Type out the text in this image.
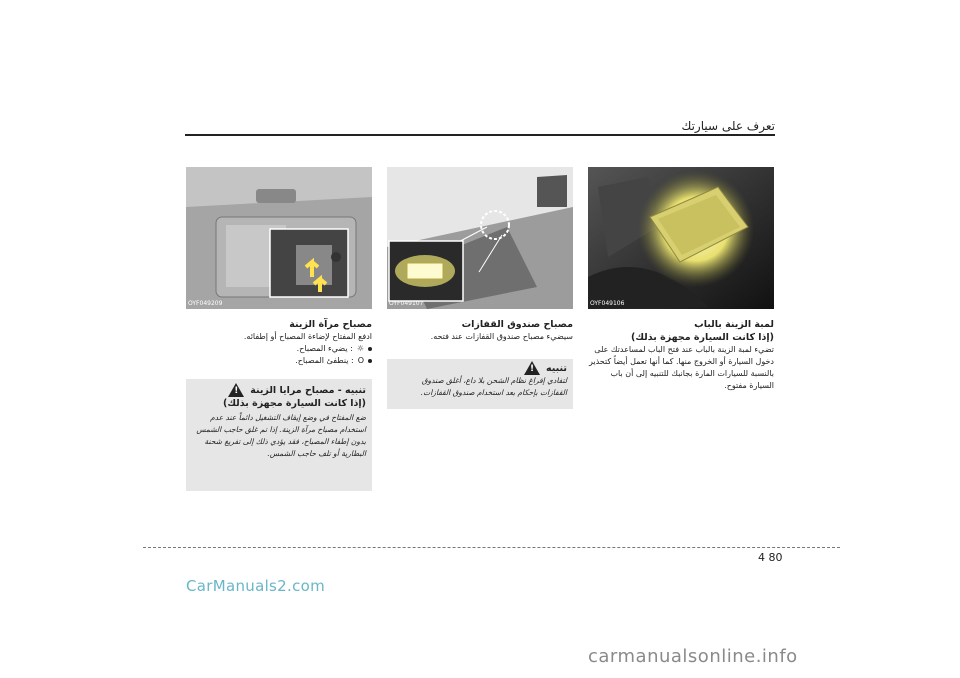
تعرف على سيارتك
OYF049106
OYF049107
OYF049209
لمبة الزينة بالباب
(إذا كانت السيارة مجهزة بذلك)
تضيء لمبة الزينة بالباب عند فتح الباب لمساعدتك على دخول السيارة أو الخروج منها. كما أنها تعمل أيضاً كتحذير بالنسبة للسيارات المارة بجانبك للتنبيه إلى أن باب السيارة مفتوح.
مصباح صندوق القفازات
سيضيء مصباح صندوق القفازات عند فتحه.
تنبيه
!
لتفادي إفراغ نظام الشحن بلا داع، أغلق صندوق القفازات بإحكام بعد استخدام صندوق القفازات.
مصباح مرآة الزينة
ادفع المفتاح لإضاءة المصباح أو إطفائه.
☼
: يضيء المصباح.
O
: ينطفئ المصباح.
تنبيه - مصباح مرايا الزينة
!
(إذا كانت السيارة مجهزة بذلك)
ضع المفتاح في وضع إيقاف التشغيل دائماً عند عدم استخدام مصباح مرآة الزينة. إذا تم غلق حاجب الشمس بدون إطفاء المصباح، فقد يؤدي ذلك إلى تفريغ شحنة البطارية أو تلف حاجب الشمس.
4 80
CarManuals2.com
carmanualsonline.info
